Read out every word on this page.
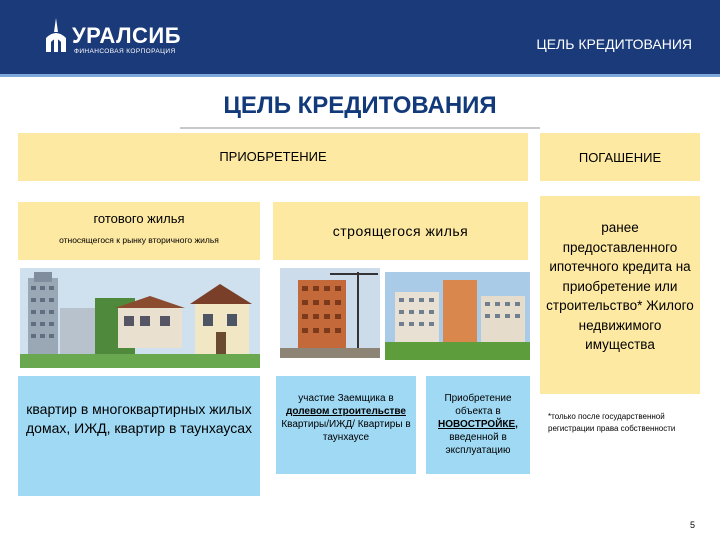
УРАЛСИБ
ФИНАНСОВАЯ КОРПОРАЦИЯ	ЦЕЛЬ КРЕДИТОВАНИЯ
ЦЕЛЬ КРЕДИТОВАНИЯ
ПРИОБРЕТЕНИЕ	ПОГАШЕНИЕ
готового жилья
относящегося к рынку вторичного жилья
строящегося жилья	ранее предоставленного ипотечного кредита на приобретение или строительство* Жилого недвижимого имущества
*только после государственной регистрации права собственности
квартир в многоквартирных жилых домах, ИЖД, квартир в таунхаусах
участие Заемщика в
долевом строительстве
Квартиры/ИЖД/ Квартиры в таунхаусе
Приобретение объекта в
НОВОСТРОЙКЕ,
введенной в эксплуатацию
5
